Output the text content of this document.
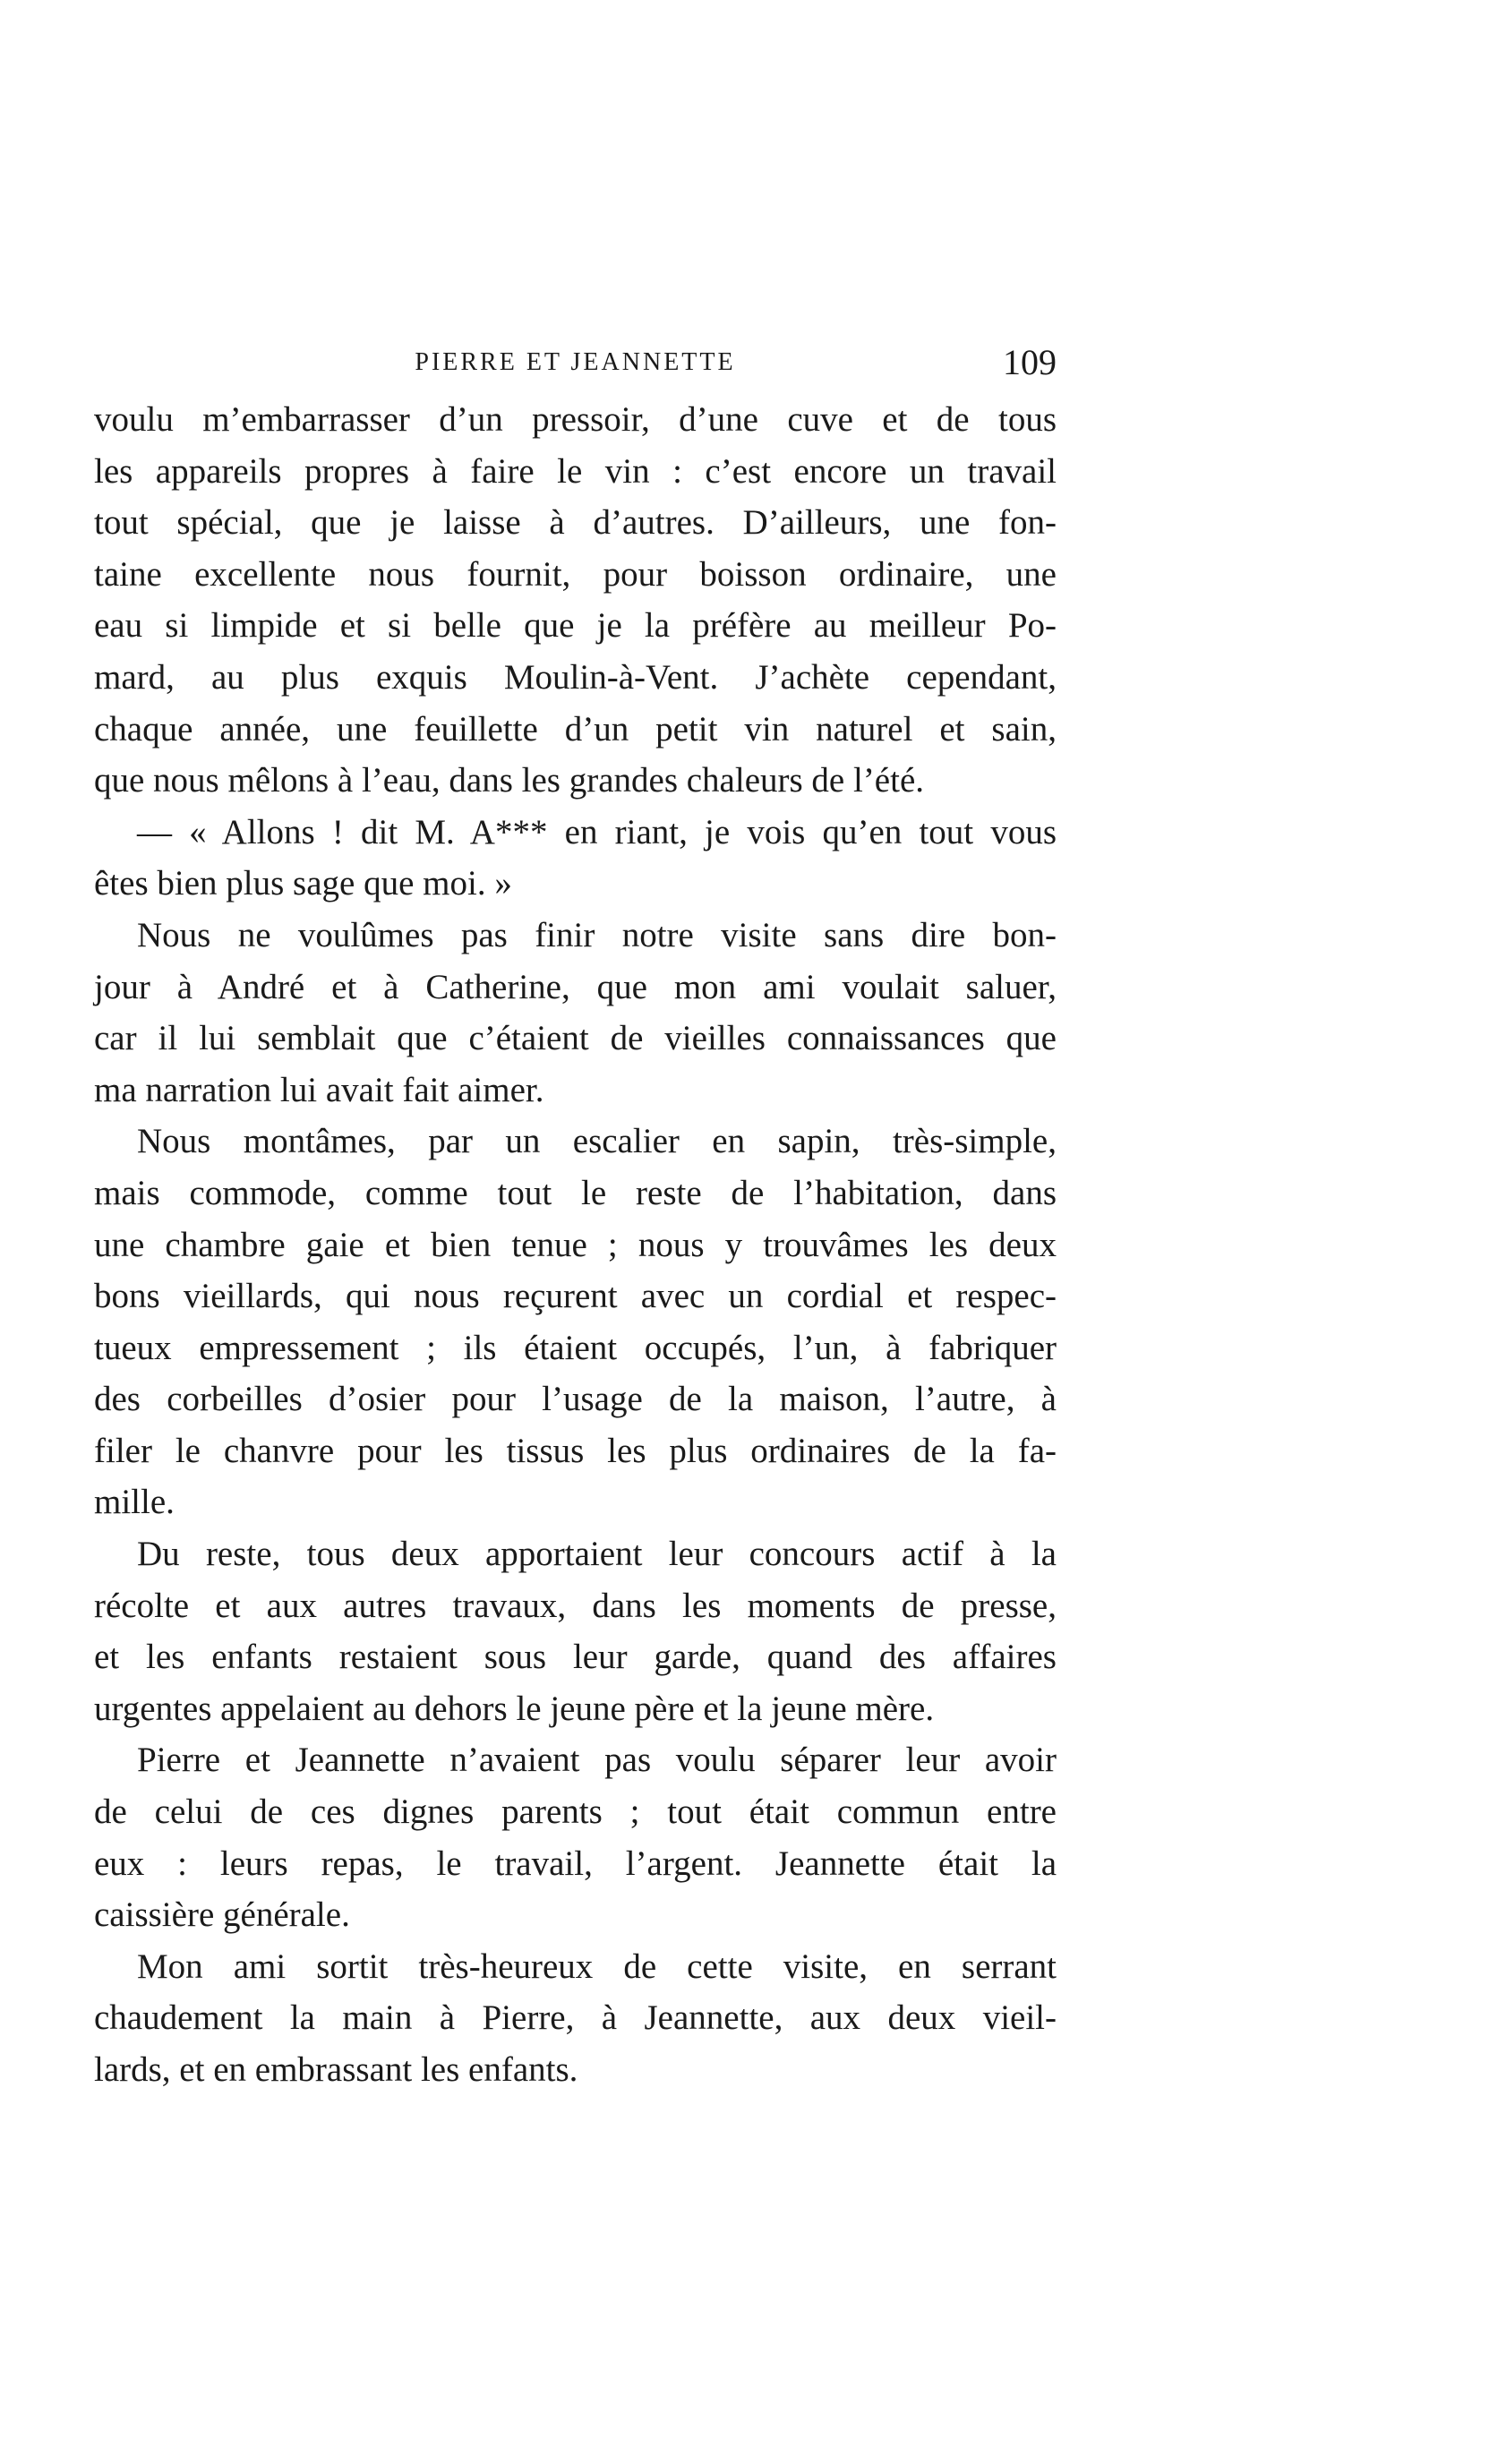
PIERRE ET JEANNETTE	109
voulu m’embarrasser d’un pressoir, d’une cuve et de tous
les appareils propres à faire le vin : c’est encore un travail
tout spécial, que je laisse à d’autres. D’ailleurs, une fon-
taine excellente nous fournit, pour boisson ordinaire, une
eau si limpide et si belle que je la préfère au meilleur Po-
mard, au plus exquis Moulin-à-Vent. J’achète cependant,
chaque année, une feuillette d’un petit vin naturel et sain,
que nous mêlons à l’eau, dans les grandes chaleurs de l’été.
— « Allons ! dit M. A*** en riant, je vois qu’en tout vous
êtes bien plus sage que moi. »
Nous ne voulûmes pas finir notre visite sans dire bon-
jour à André et à Catherine, que mon ami voulait saluer,
car il lui semblait que c’étaient de vieilles connaissances que
ma narration lui avait fait aimer.
Nous montâmes, par un escalier en sapin, très-simple,
mais commode, comme tout le reste de l’habitation, dans
une chambre gaie et bien tenue ; nous y trouvâmes les deux
bons vieillards, qui nous reçurent avec un cordial et respec-
tueux empressement ; ils étaient occupés, l’un, à fabriquer
des corbeilles d’osier pour l’usage de la maison, l’autre, à
filer le chanvre pour les tissus les plus ordinaires de la fa-
mille.
Du reste, tous deux apportaient leur concours actif à la
récolte et aux autres travaux, dans les moments de presse,
et les enfants restaient sous leur garde, quand des affaires
urgentes appelaient au dehors le jeune père et la jeune mère.
Pierre et Jeannette n’avaient pas voulu séparer leur avoir
de celui de ces dignes parents ; tout était commun entre
eux : leurs repas, le travail, l’argent. Jeannette était la
caissière générale.
Mon ami sortit très-heureux de cette visite, en serrant
chaudement la main à Pierre, à Jeannette, aux deux vieil-
lards, et en embrassant les enfants.
